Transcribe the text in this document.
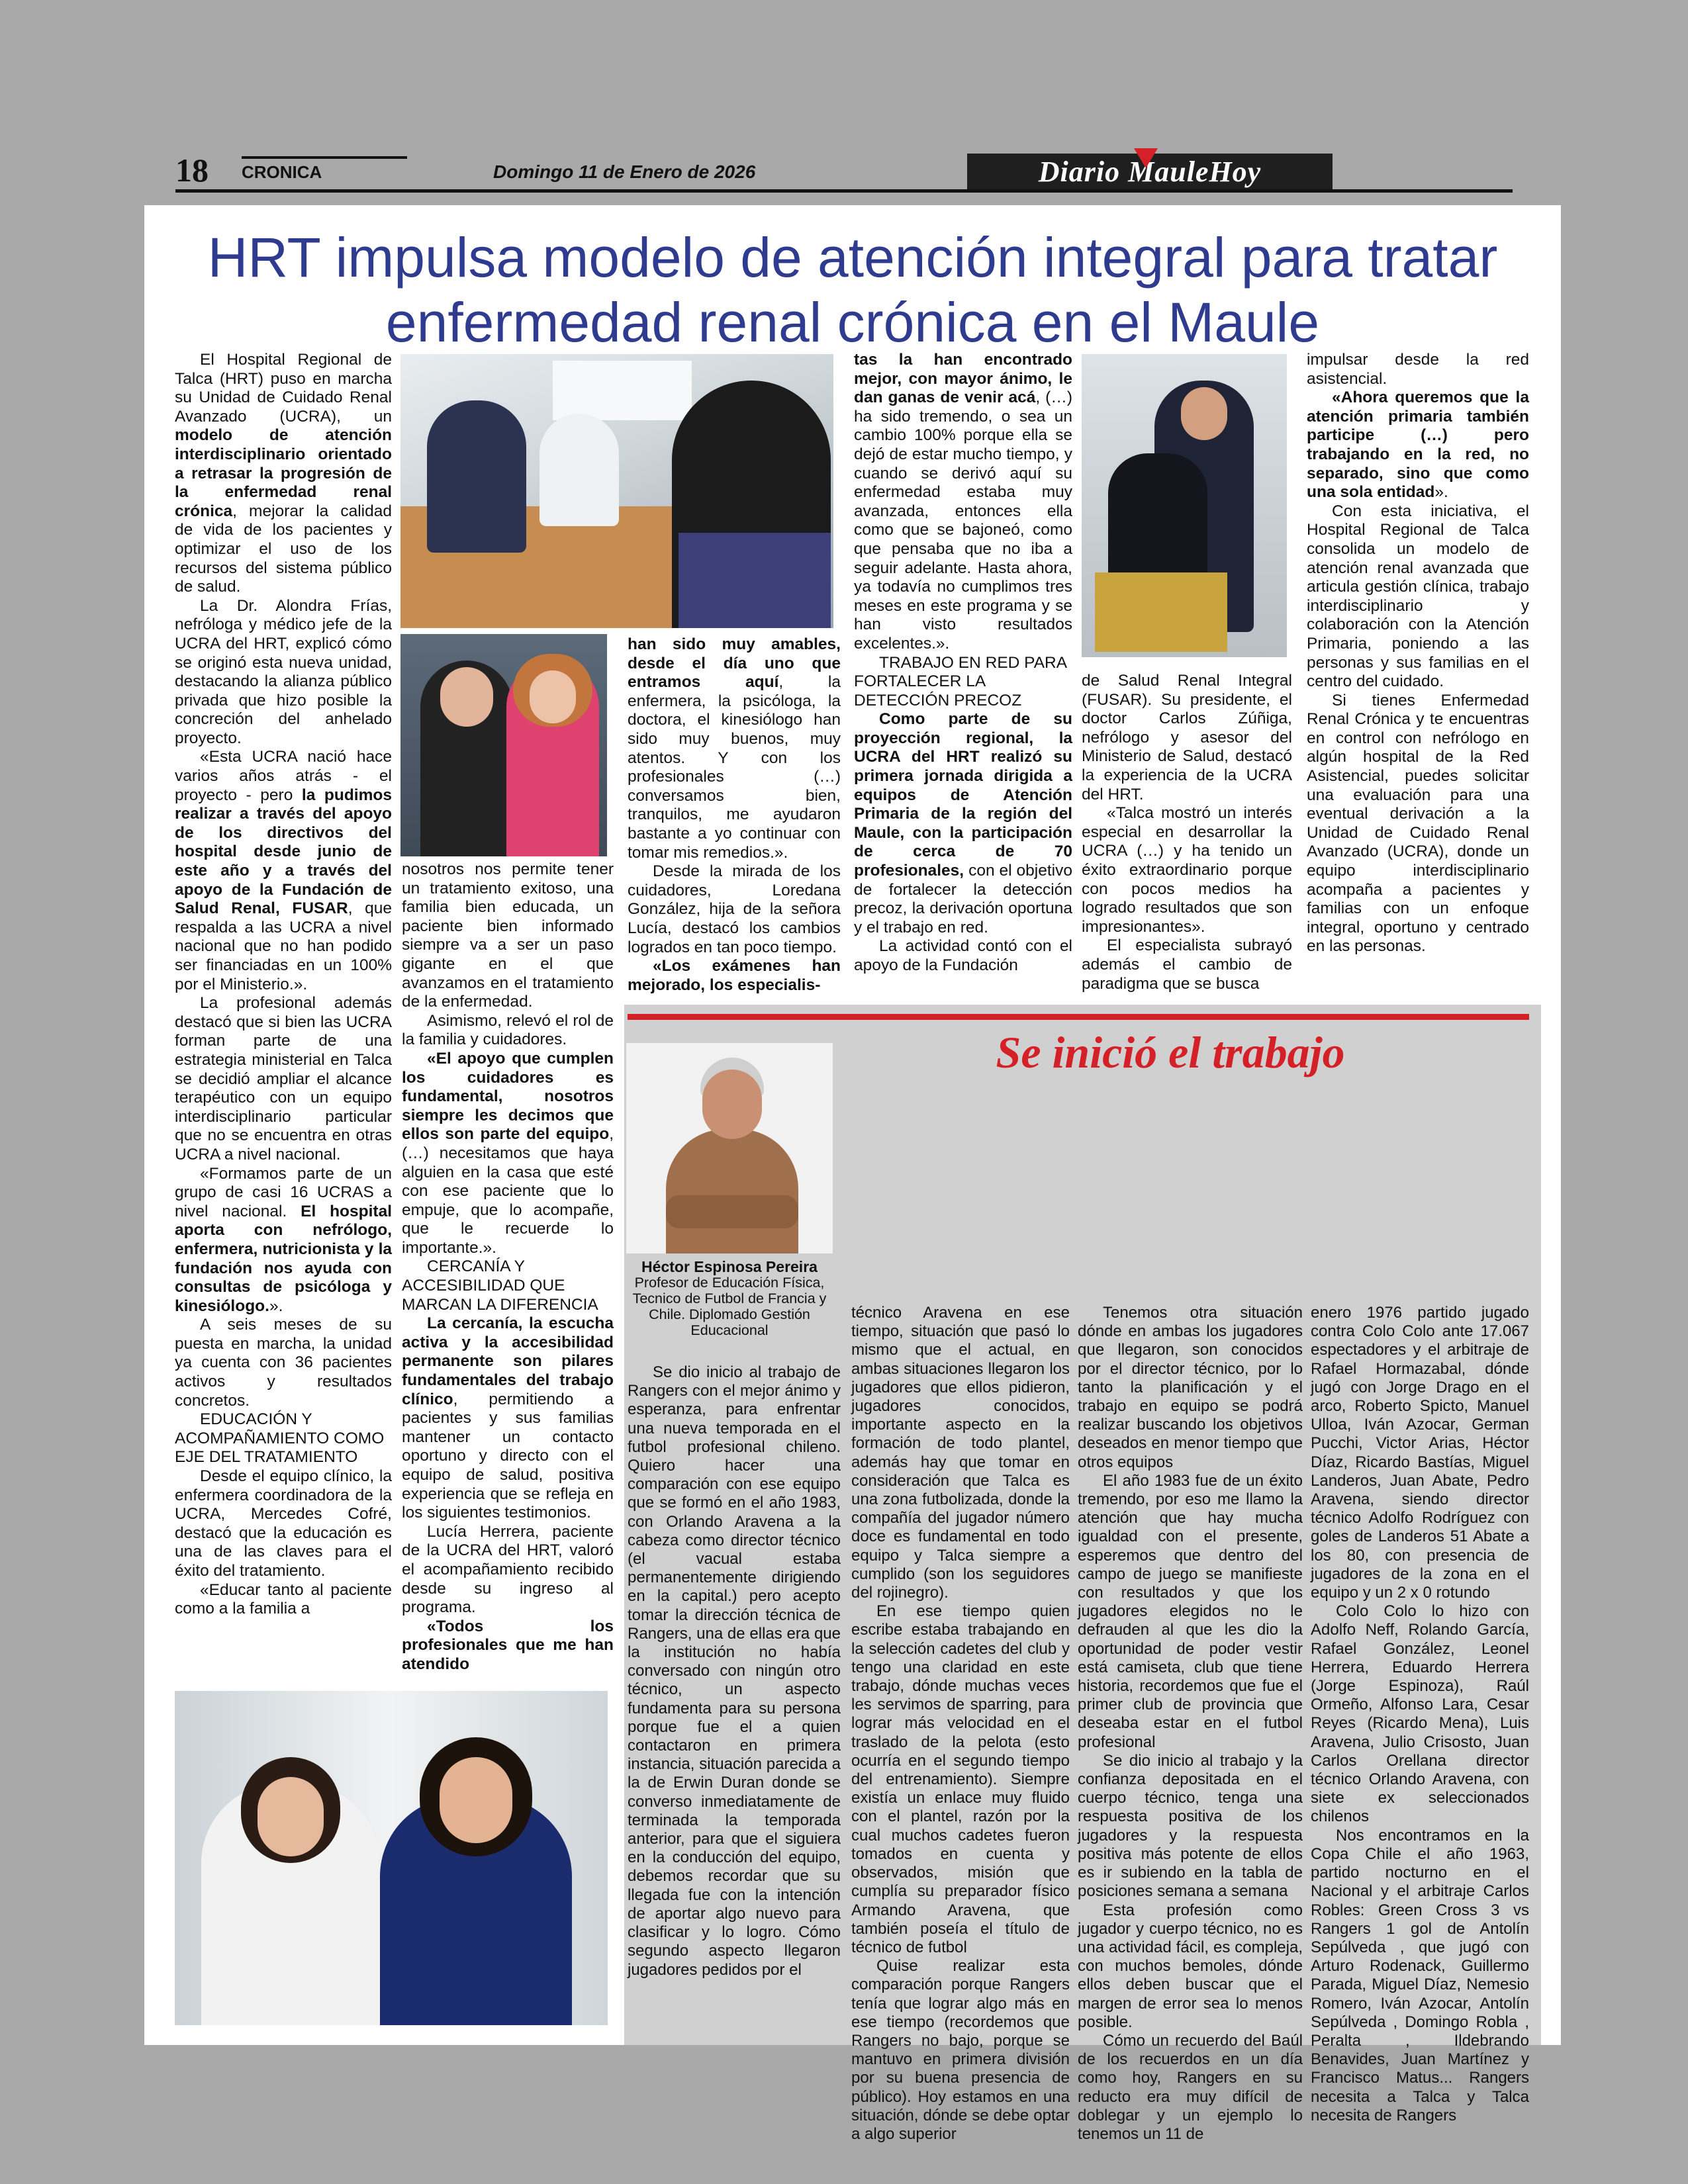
18 CRONICA	Domingo 11 de Enero de 2026	Diario MauleHoy
HRT impulsa modelo de atención integral para tratar
enfermedad renal crónica en el Maule

El Hospital Regional de Talca (HRT) puso en marcha su Unidad de Cuidado Renal Avanzado (UCRA), un modelo de atención interdisciplinario orientado a retrasar la progresión de la enfermedad renal crónica, mejorar la calidad de vida de los pacientes y optimizar el uso de los recursos del sistema público de salud.

La Dr. Alondra Frías, nefróloga y médico jefe de la UCRA del HRT, explicó cómo se originó esta nueva unidad, destacando la alianza público privada que hizo posible la concreción del anhelado proyecto.

«Esta UCRA nació hace varios años atrás - el proyecto - pero la pudimos realizar a través del apoyo de los directivos del hospital desde junio de este año y a través del apoyo de la Fundación de Salud Renal, FUSAR, que respalda a las UCRA a nivel nacional que no han podido ser financiadas en un 100% por el Ministerio.».

La profesional además destacó que si bien las UCRA forman parte de una estrategia ministerial en Talca se decidió ampliar el alcance terapéutico con un equipo interdisciplinario particular que no se encuentra en otras UCRA a nivel nacional.

«Formamos parte de un grupo de casi 16 UCRAS a nivel nacional. El hospital aporta con nefrólogo, enfermera, nutricionista y la fundación nos ayuda con consultas de psicóloga y kinesiólogo.».

A seis meses de su puesta en marcha, la unidad ya cuenta con 36 pacientes activos y resultados concretos.

EDUCACIÓN Y ACOMPAÑAMIENTO COMO EJE DEL TRATAMIENTO

Desde el equipo clínico, la enfermera coordinadora de la UCRA, Mercedes Cofré, destacó que la educación es una de las claves para el éxito del tratamiento.

«Educar tanto al paciente como a la familia a

nosotros nos permite tener un tratamiento exitoso, una familia bien educada, un paciente bien informado siempre va a ser un paso gigante en el que avanzamos en el tratamiento de la enfermedad.

Asimismo, relevó el rol de la familia y cuidadores.

«El apoyo que cumplen los cuidadores es fundamental, nosotros siempre les decimos que ellos son parte del equipo, (…) necesitamos que haya alguien en la casa que esté con ese paciente que lo empuje, que lo acompañe, que le recuerde lo importante.».

CERCANÍA Y ACCESIBILIDAD QUE MARCAN LA DIFERENCIA

La cercanía, la escucha activa y la accesibilidad permanente son pilares fundamentales del trabajo clínico, permitiendo a pacientes y sus familias mantener un contacto oportuno y directo con el equipo de salud, positiva experiencia que se refleja en los siguientes testimonios.

Lucía Herrera, paciente de la UCRA del HRT, valoró el acompañamiento recibido desde su ingreso al programa.

«Todos los profesionales que me han atendido

han sido muy amables, desde el día uno que entramos aquí, la enfermera, la psicóloga, la doctora, el kinesiólogo han sido muy buenos, muy atentos. Y con los profesionales (…) conversamos bien, tranquilos, me ayudaron bastante a yo continuar con tomar mis remedios.».

Desde la mirada de los cuidadores, Loredana González, hija de la señora Lucía, destacó los cambios logrados en tan poco tiempo.

«Los exámenes han mejorado, los especialis-

tas la han encontrado mejor, con mayor ánimo, le dan ganas de venir acá, (…) ha sido tremendo, o sea un cambio 100% porque ella se dejó de estar mucho tiempo, y cuando se derivó aquí su enfermedad estaba muy avanzada, entonces ella como que se bajoneó, como que pensaba que no iba a seguir adelante. Hasta ahora, ya todavía no cumplimos tres meses en este programa y se han visto resultados excelentes.».

TRABAJO EN RED PARA FORTALECER LA DETECCIÓN PRECOZ

Como parte de su proyección regional, la UCRA del HRT realizó su primera jornada dirigida a equipos de Atención Primaria de la región del Maule, con la participación de cerca de 70 profesionales, con el objetivo de fortalecer la detección precoz, la derivación oportuna y el trabajo en red.

La actividad contó con el apoyo de la Fundación

de Salud Renal Integral (FUSAR). Su presidente, el doctor Carlos Zúñiga, nefrólogo y asesor del Ministerio de Salud, destacó la experiencia de la UCRA del HRT.

«Talca mostró un interés especial en desarrollar la UCRA (…) y ha tenido un éxito extraordinario porque con pocos medios ha logrado resultados que son impresionantes».

El especialista subrayó además el cambio de paradigma que se busca

impulsar desde la red asistencial.

«Ahora queremos que la atención primaria también participe (…) pero trabajando en la red, no separado, sino que como una sola entidad».

Con esta iniciativa, el Hospital Regional de Talca consolida un modelo de atención renal avanzada que articula gestión clínica, trabajo interdisciplinario y colaboración con la Atención Primaria, poniendo a las personas y sus familias en el centro del cuidado.

Si tienes Enfermedad Renal Crónica y te encuentras en control con nefrólogo en algún hospital de la Red Asistencial, puedes solicitar una evaluación para una eventual derivación a la Unidad de Cuidado Renal Avanzado (UCRA), donde un equipo interdisciplinario acompaña a pacientes y familias con un enfoque integral, oportuno y centrado en las personas.

Se inició el trabajo
Héctor Espinosa Pereira
Profesor de Educación Física, Tecnico de Futbol de Francia y Chile. Diplomado Gestión Educacional

Se dio inicio al trabajo de Rangers con el mejor ánimo y esperanza, para enfrentar una nueva temporada en el futbol profesional chileno. Quiero hacer una comparación con ese equipo que se formó en el año 1983, con Orlando Aravena a la cabeza como director técnico (el vacual estaba permanentemente dirigiendo en la capital.) pero acepto tomar la dirección técnica de Rangers, una de ellas era que la institución no había conversado con ningún otro técnico, un aspecto fundamenta para su persona porque fue el a quien contactaron en primera instancia, situación parecida a la de Erwin Duran donde se converso inmediatamente de terminada la temporada anterior, para que el siguiera en la conducción del equipo, debemos recordar que su llegada fue con la intención de aportar algo nuevo para clasificar y lo logro. Cómo segundo aspecto llegaron jugadores pedidos por el

técnico Aravena en ese tiempo, situación que pasó lo mismo que el actual, en ambas situaciones llegaron los jugadores que ellos pidieron, jugadores conocidos, importante aspecto en la formación de todo plantel, además hay que tomar en consideración que Talca es una zona futbolizada, donde la compañía del jugador número doce es fundamental en todo equipo y Talca siempre a cumplido (son los seguidores del rojinegro).

En ese tiempo quien escribe estaba trabajando en la selección cadetes del club y tengo una claridad en este trabajo, dónde muchas veces les servimos de sparring, para lograr más velocidad en el traslado de la pelota (esto ocurría en el segundo tiempo del entrenamiento). Siempre existía un enlace muy fluido con el plantel, razón por la cual muchos cadetes fueron tomados en cuenta y observados, misión que cumplía su preparador físico Armando Aravena, que también poseía el título de técnico de futbol

Quise realizar esta comparación porque Rangers tenía que lograr algo más en ese tiempo (recordemos que Rangers no bajo, porque se mantuvo en primera división por su buena presencia de público). Hoy estamos en una situación, dónde se debe optar a algo superior

Tenemos otra situación dónde en ambas los jugadores que llegaron, son conocidos por el director técnico, por lo tanto la planificación y el trabajo en equipo se podrá realizar buscando los objetivos deseados en menor tiempo que otros equipos

El año 1983 fue de un éxito tremendo, por eso me llamo la atención que hay mucha igualdad con el presente, esperemos que dentro del campo de juego se manifieste con resultados y que los jugadores elegidos no le defrauden al que les dio la oportunidad de poder vestir está camiseta, club que tiene historia, recordemos que fue el primer club de provincia que deseaba estar en el futbol profesional

Se dio inicio al trabajo y la confianza depositada en el cuerpo técnico, tenga una respuesta positiva de los jugadores y la respuesta positiva más potente de ellos es ir subiendo en la tabla de posiciones semana a semana

Esta profesión como jugador y cuerpo técnico, no es una actividad fácil, es compleja, con muchos bemoles, dónde ellos deben buscar que el margen de error sea lo menos posible.

Cómo un recuerdo del Baúl de los recuerdos en un día como hoy, Rangers en su reducto era muy difícil de doblegar y un ejemplo lo tenemos un 11 de

enero 1976 partido jugado contra Colo Colo ante 17.067 espectadores y el arbitraje de Rafael Hormazabal, dónde jugó con Jorge Drago en el arco, Roberto Spicto, Manuel Ulloa, Iván Azocar, German Pucchi, Victor Arias, Héctor Díaz, Ricardo Bastías, Miguel Landeros, Juan Abate, Pedro Aravena, siendo director técnico Adolfo Rodríguez con goles de Landeros 51 Abate a los 80, con presencia de jugadores de la zona en el equipo y un 2 x 0 rotundo

Colo Colo lo hizo con Adolfo Neff, Rolando García, Rafael González, Leonel Herrera, Eduardo Herrera (Jorge Espinoza), Raúl Ormeño, Alfonso Lara, Cesar Reyes (Ricardo Mena), Luis Aravena, Julio Crisosto, Juan Carlos Orellana director técnico Orlando Aravena, con siete ex seleccionados chilenos

Nos encontramos en la Copa Chile el año 1963, partido nocturno en el Nacional y el arbitraje Carlos Robles: Green Cross 3 vs Rangers 1 gol de Antolín Sepúlveda , que jugó con Arturo Rodenack, Guillermo Parada, Miguel Díaz, Nemesio Romero, Iván Azocar, Antolín Sepúlveda , Domingo Robla , Peralta , Ildebrando Benavides, Juan Martínez y Francisco Matus... Rangers necesita a Talca y Talca necesita de Rangers
